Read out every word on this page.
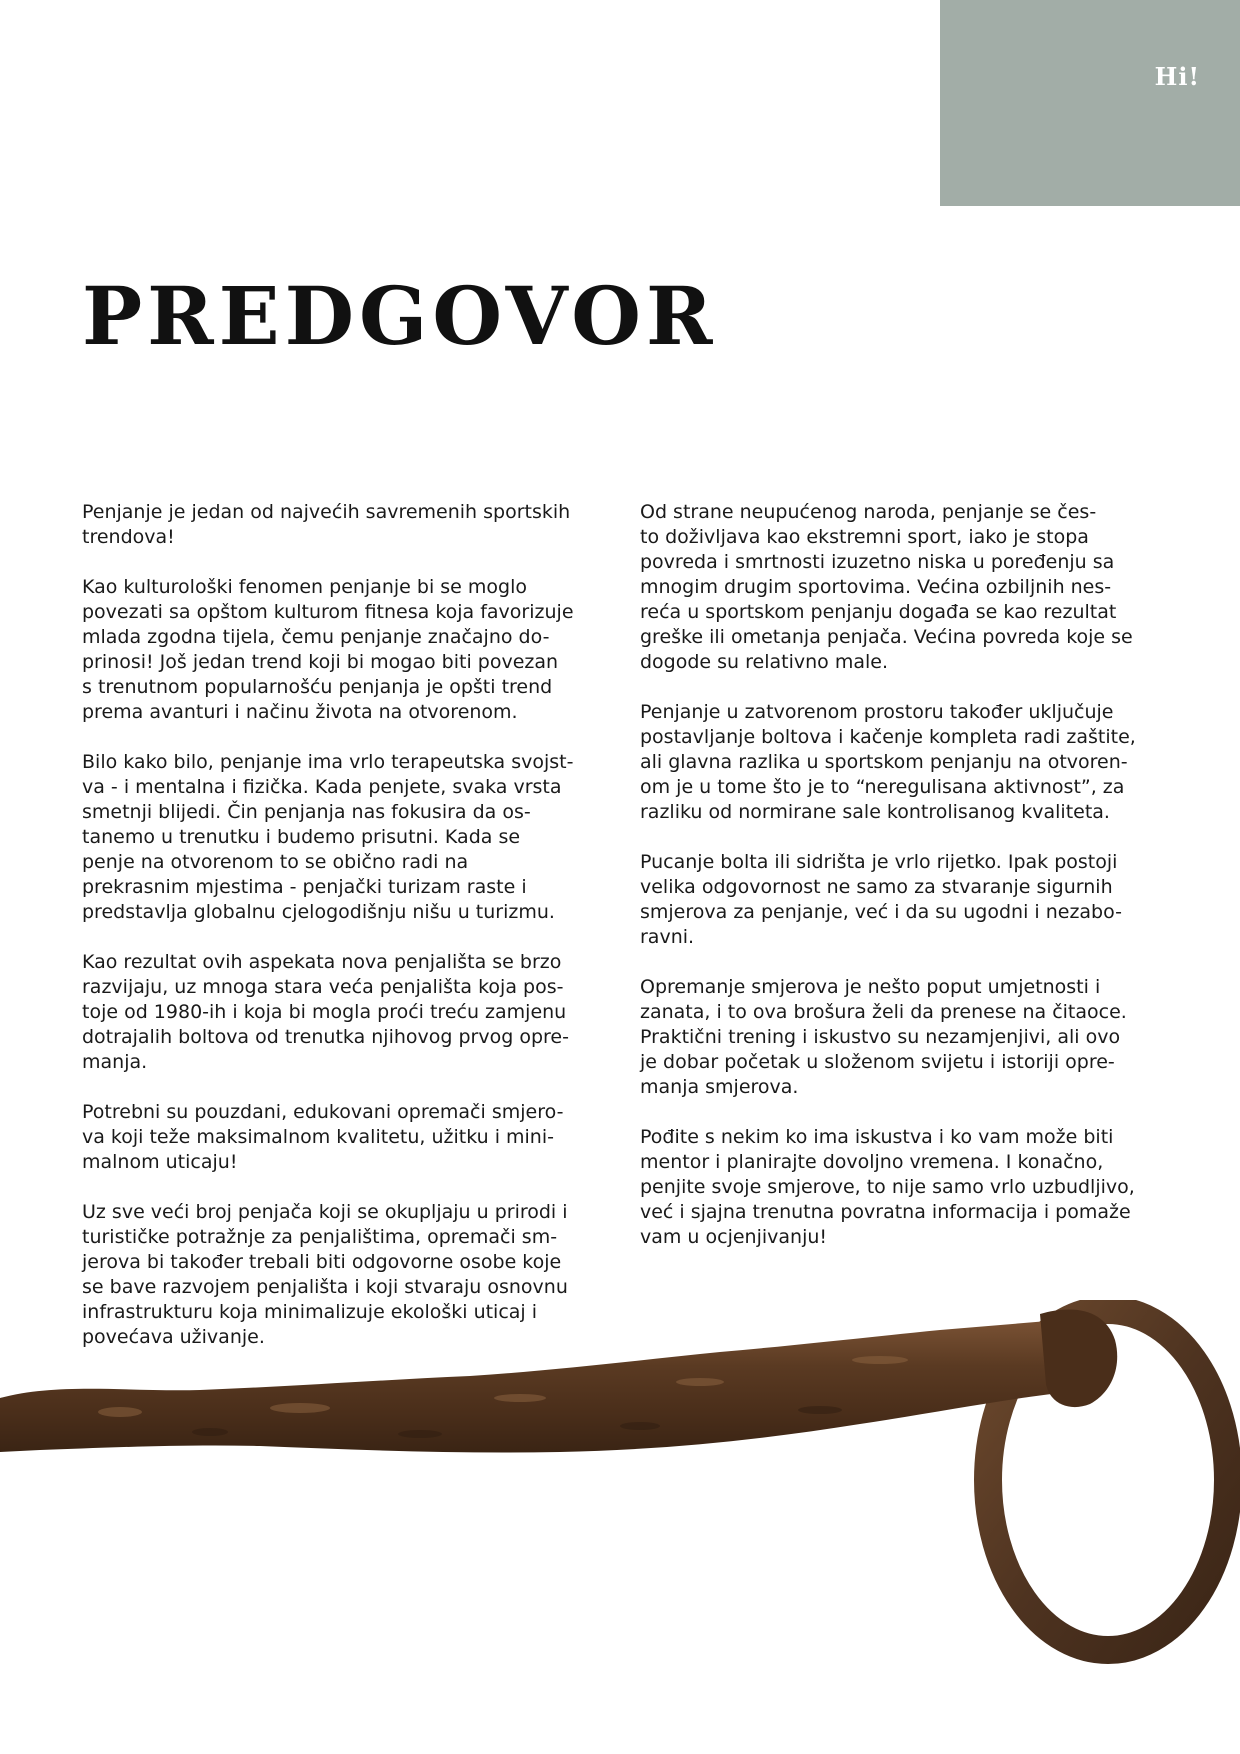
Hi!
PREDGOVOR

Penjanje je jedan od najvećih savremenih sportskih
trendova!

Kao kulturološki fenomen penjanje bi se moglo
povezati sa opštom kulturom fitnesa koja favorizuje
mlada zgodna tijela, čemu penjanje značajno do-
prinosi! Još jedan trend koji bi mogao biti povezan
s trenutnom popularnošću penjanja je opšti trend
prema avanturi i načinu života na otvorenom.

Bilo kako bilo, penjanje ima vrlo terapeutska svojst-
va - i mentalna i fizička. Kada penjete, svaka vrsta
smetnji blijedi. Čin penjanja nas fokusira da os-
tanemo u trenutku i budemo prisutni. Kada se
penje na otvorenom to se obično radi na
prekrasnim mjestima - penjački turizam raste i
predstavlja globalnu cjelogodišnju nišu u turizmu.

Kao rezultat ovih aspekata nova penjališta se brzo
razvijaju, uz mnoga stara veća penjališta koja pos-
toje od 1980-ih i koja bi mogla proći treću zamjenu
dotrajalih boltova od trenutka njihovog prvog opre-
manja.

Potrebni su pouzdani, edukovani opremači smjero-
va koji teže maksimalnom kvalitetu, užitku i mini-
malnom uticaju!

Uz sve veći broj penjača koji se okupljaju u prirodi i
turističke potražnje za penjalištima, opremači sm-
jerova bi također trebali biti odgovorne osobe koje
se bave razvojem penjališta i koji stvaraju osnovnu
infrastrukturu koja minimalizuje ekološki uticaj i
povećava uživanje.

Od strane neupućenog naroda, penjanje se čes-
to doživljava kao ekstremni sport, iako je stopa
povreda i smrtnosti izuzetno niska u poređenju sa
mnogim drugim sportovima. Većina ozbiljnih nes-
reća u sportskom penjanju događa se kao rezultat
greške ili ometanja penjača. Većina povreda koje se
dogode su relativno male.

Penjanje u zatvorenom prostoru također uključuje
postavljanje boltova i kačenje kompleta radi zaštite,
ali glavna razlika u sportskom penjanju na otvoren-
om je u tome što je to “neregulisana aktivnost”, za
razliku od normirane sale kontrolisanog kvaliteta.

Pucanje bolta ili sidrišta je vrlo rijetko. Ipak postoji
velika odgovornost ne samo za stvaranje sigurnih
smjerova za penjanje, već i da su ugodni i nezabo-
ravni.

Opremanje smjerova je nešto poput umjetnosti i
zanata, i to ova brošura želi da prenese na čitaoce.
Praktični trening i iskustvo su nezamjenjivi, ali ovo
je dobar početak u složenom svijetu i istoriji opre-
manja smjerova.

Pođite s nekim ko ima iskustva i ko vam može biti
mentor i planirajte dovoljno vremena. I konačno,
penjite svoje smjerove, to nije samo vrlo uzbudljivo,
već i sjajna trenutna povratna informacija i pomaže
vam u ocjenjivanju!
